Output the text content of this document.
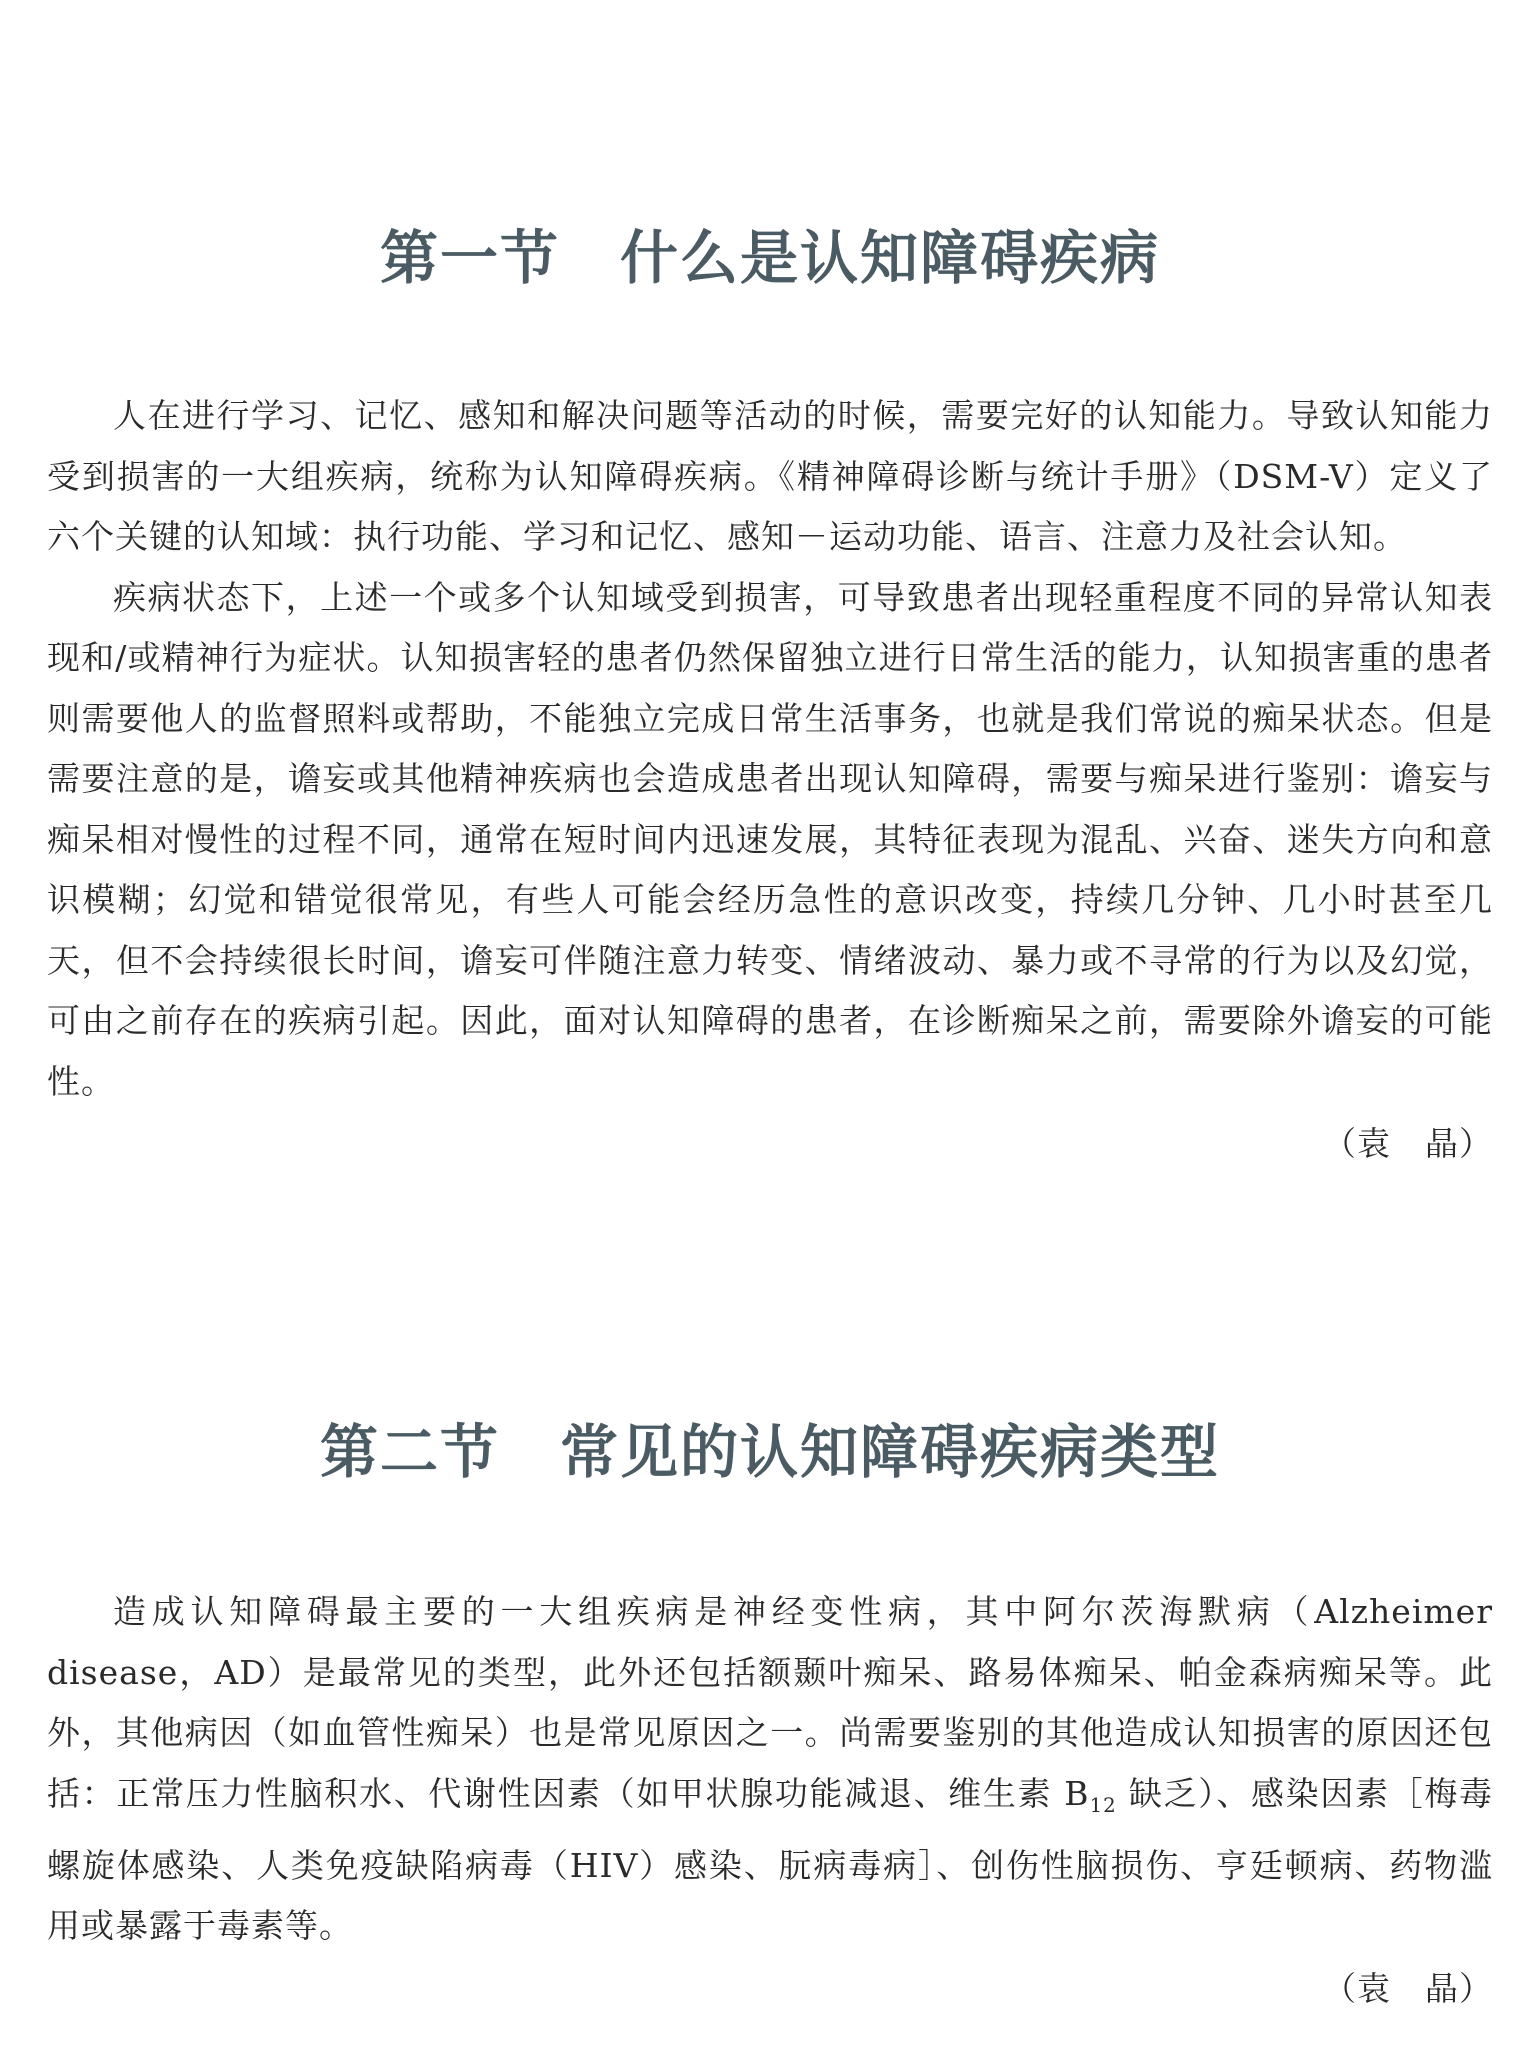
第一节　什么是认知障碍疾病

人在进行学习、记忆、感知和解决问题等活动的时候，需要完好的认知能力。导致认知能力受到损害的一大组疾病，统称为认知障碍疾病。《精神障碍诊断与统计手册》（DSM-V）定义了六个关键的认知域：执行功能、学习和记忆、感知－运动功能、语言、注意力及社会认知。

疾病状态下，上述一个或多个认知域受到损害，可导致患者出现轻重程度不同的异常认知表现和/或精神行为症状。认知损害轻的患者仍然保留独立进行日常生活的能力，认知损害重的患者则需要他人的监督照料或帮助，不能独立完成日常生活事务，也就是我们常说的痴呆状态。但是需要注意的是，谵妄或其他精神疾病也会造成患者出现认知障碍，需要与痴呆进行鉴别：谵妄与痴呆相对慢性的过程不同，通常在短时间内迅速发展，其特征表现为混乱、兴奋、迷失方向和意识模糊；幻觉和错觉很常见，有些人可能会经历急性的意识改变，持续几分钟、几小时甚至几天，但不会持续很长时间，谵妄可伴随注意力转变、情绪波动、暴力或不寻常的行为以及幻觉，可由之前存在的疾病引起。因此，面对认知障碍的患者，在诊断痴呆之前，需要除外谵妄的可能性。

（袁　晶）

第二节　常见的认知障碍疾病类型

造成认知障碍最主要的一大组疾病是神经变性病，其中阿尔茨海默病（Alzheimer disease，AD）是最常见的类型，此外还包括额颞叶痴呆、路易体痴呆、帕金森病痴呆等。此外，其他病因（如血管性痴呆）也是常见原因之一。尚需要鉴别的其他造成认知损害的原因还包括：正常压力性脑积水、代谢性因素（如甲状腺功能减退、维生素 $B_{12}$ 缺乏）、感染因素［梅毒螺旋体感染、人类免疫缺陷病毒（HIV）感染、朊病毒病］、创伤性脑损伤、亨廷顿病、药物滥用或暴露于毒素等。

（袁　晶）
